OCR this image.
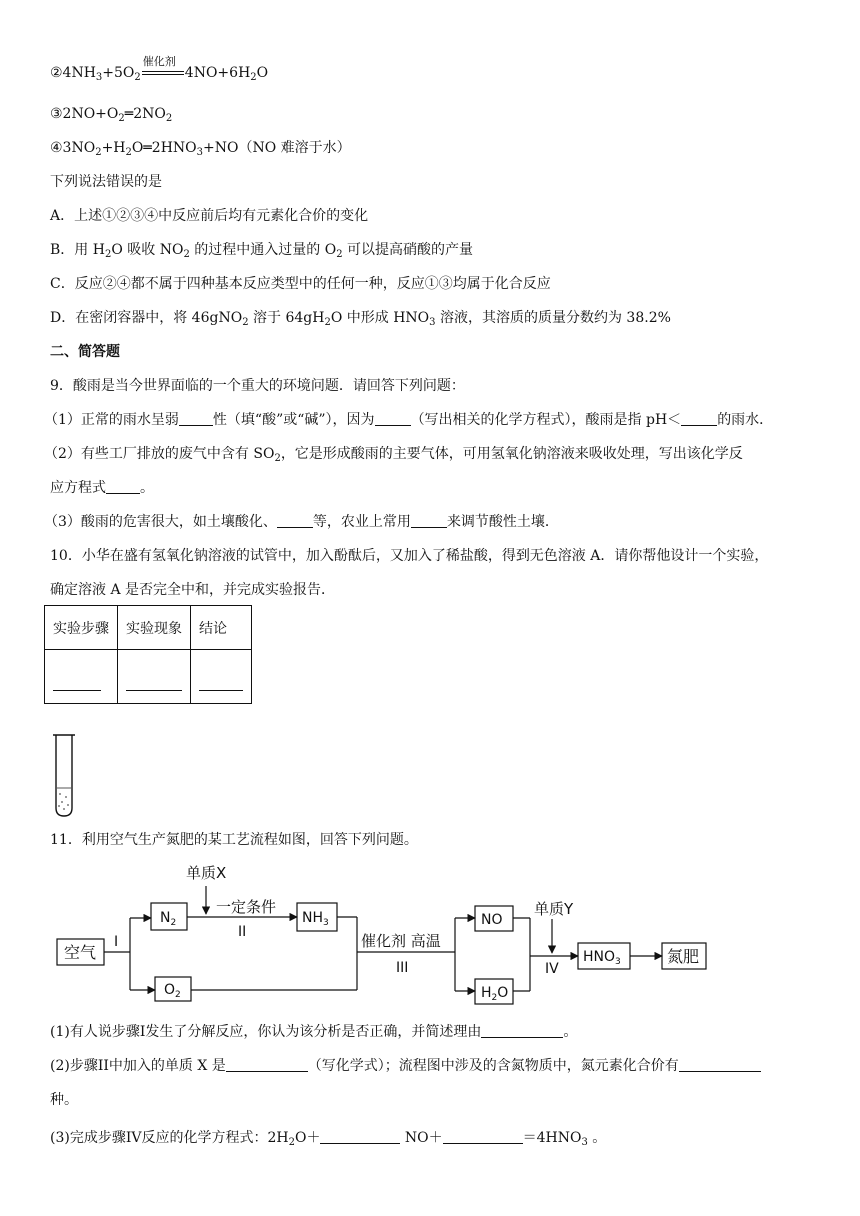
$②4NH_3+5O_2$
催化剂
$4NO+6H_2O$
$③2NO+O_2═2NO_2$
$④3NO_2+H_2O═2HNO_3+NO(NO$ 难溶于水）
下列说法错误的是
A．上述①②③④中反应前后均有元素化合价的变化
B．用 $H_2O$ 吸收 $NO_2$ 的过程中通入过量的 $O_2$ 可以提高硝酸的产量
C．反应②④都不属于四种基本反应类型中的任何一种，反应①③均属于化合反应
D．在密闭容器中，将 46gNO$_2$ 溶于 $64gH_2O$ 中形成 $HNO_3$ 溶液，其溶质的质量分数约为 38.2%
二、简答题
9．酸雨是当今世界面临的一个重大的环境问题．请回答下列问题：
（1）正常的雨水呈弱 性（填“酸”或“碱”），因为	（写出相关的化学方程式），酸雨是指 pH＜	的雨水．
（2）有些工厂排放的废气中含有 $SO_2$，它是形成酸雨的主要气体，可用氢氧化钠溶液来吸收处理，写出该化学反
应方程式 。
（3）酸雨的危害很大，如土壤酸化、	等，农业上常用	来调节酸性土壤．
10．小华在盛有氢氧化钠溶液的试管中，加入酚酞后，又加入了稀盐酸，得到无色溶液 A．请你帮他设计一个实验，
确定溶液 A 是否完全中和，并完成实验报告．
实验步骤	实验现象	结论

11．利用空气生产氮肥的某工艺流程如图，回答下列问题。
空气
$N_2$
$O_2$
$NH_3$	NO
$H_2O$
$HNO_3$	氮肥
单质X
单质Y
一定条件
催化剂 高温
I
II
III	IV
(1)有人说步骤I发生了分解反应，你认为该分析是否正确，并简述理由	。
(2)步骤II中加入的单质 X 是	（写化学式）；流程图中涉及的含氮物质中，氮元素化合价有
种。
(3)完成步骤IV反应的化学方程式：$2H_2O+$	NO＋	$=4HNO_3$ 。
